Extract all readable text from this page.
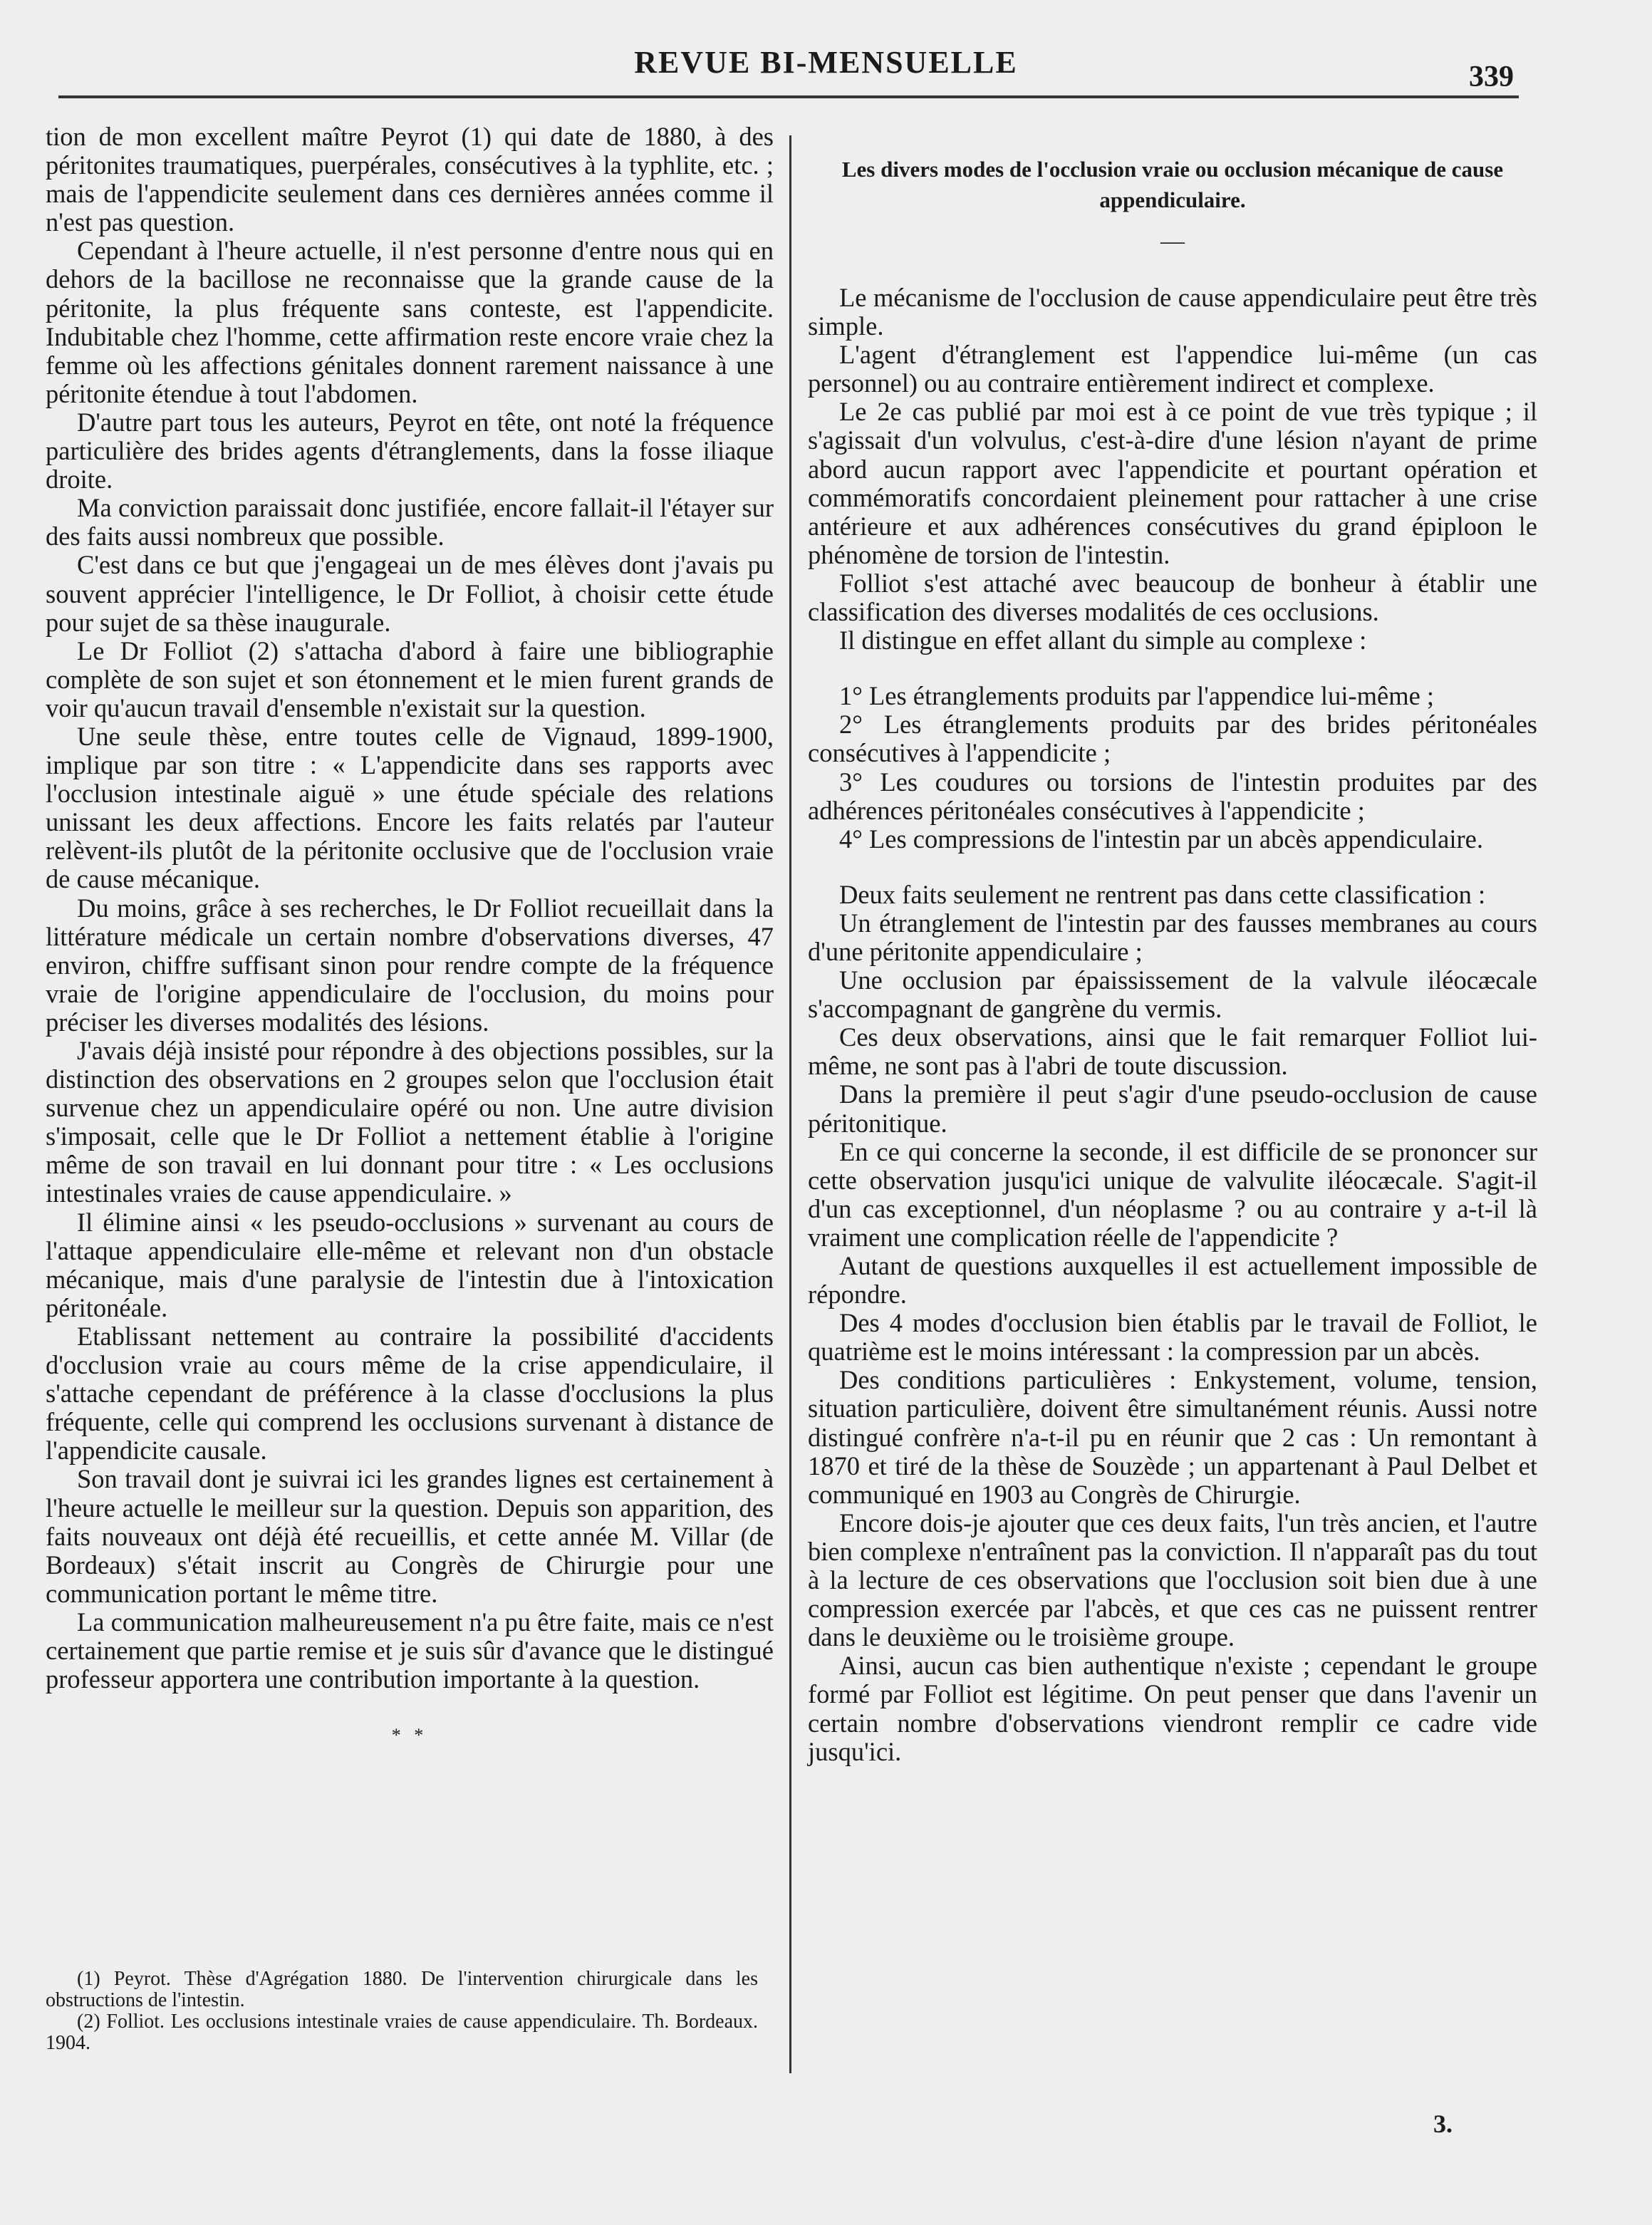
REVUE BI-MENSUELLE	339

tion de mon excellent maître Peyrot (1) qui date de 1880, à des péritonites traumatiques, puerpérales, consécutives à la typhlite, etc. ; mais de l'appendicite seulement dans ces dernières années comme il n'est pas question.

Cependant à l'heure actuelle, il n'est personne d'entre nous qui en dehors de la bacillose ne reconnaisse que la grande cause de la péritonite, la plus fréquente sans conteste, est l'appendicite. Indubitable chez l'homme, cette affirmation reste encore vraie chez la femme où les affections génitales donnent rarement naissance à une péritonite étendue à tout l'abdomen.

D'autre part tous les auteurs, Peyrot en tête, ont noté la fréquence particulière des brides agents d'étranglements, dans la fosse iliaque droite.

Ma conviction paraissait donc justifiée, encore fallait-il l'étayer sur des faits aussi nombreux que possible.

C'est dans ce but que j'engageai un de mes élèves dont j'avais pu souvent apprécier l'intelligence, le Dr Folliot, à choisir cette étude pour sujet de sa thèse inaugurale.

Le Dr Folliot (2) s'attacha d'abord à faire une bibliographie complète de son sujet et son étonnement et le mien furent grands de voir qu'aucun travail d'ensemble n'existait sur la question.

Une seule thèse, entre toutes celle de Vignaud, 1899-1900, implique par son titre : « L'appendicite dans ses rapports avec l'occlusion intestinale aiguë » une étude spéciale des relations unissant les deux affections. Encore les faits relatés par l'auteur relèvent-ils plutôt de la péritonite occlusive que de l'occlusion vraie de cause mécanique.

Du moins, grâce à ses recherches, le Dr Folliot recueillait dans la littérature médicale un certain nombre d'observations diverses, 47 environ, chiffre suffisant sinon pour rendre compte de la fréquence vraie de l'origine appendiculaire de l'occlusion, du moins pour préciser les diverses modalités des lésions.

J'avais déjà insisté pour répondre à des objections possibles, sur la distinction des observations en 2 groupes selon que l'occlusion était survenue chez un appendiculaire opéré ou non. Une autre division s'imposait, celle que le Dr Folliot a nettement établie à l'origine même de son travail en lui donnant pour titre : « Les occlusions intestinales vraies de cause appendiculaire. »

Il élimine ainsi « les pseudo-occlusions » survenant au cours de l'attaque appendiculaire elle-même et relevant non d'un obstacle mécanique, mais d'une paralysie de l'intestin due à l'intoxication péritonéale.

Etablissant nettement au contraire la possibilité d'accidents d'occlusion vraie au cours même de la crise appendiculaire, il s'attache cependant de préférence à la classe d'occlusions la plus fréquente, celle qui comprend les occlusions survenant à distance de l'appendicite causale.

Son travail dont je suivrai ici les grandes lignes est certainement à l'heure actuelle le meilleur sur la question. Depuis son apparition, des faits nouveaux ont déjà été recueillis, et cette année M. Villar (de Bordeaux) s'était inscrit au Congrès de Chirurgie pour une communication portant le même titre.

La communication malheureusement n'a pu être faite, mais ce n'est certainement que partie remise et je suis sûr d'avance que le distingué professeur apportera une contribution importante à la question.

* *

(1) Peyrot. Thèse d'Agrégation 1880. De l'intervention chirurgicale dans les obstructions de l'intestin.

(2) Folliot. Les occlusions intestinale vraies de cause appendiculaire. Th. Bordeaux. 1904.

Les divers modes de l'occlusion vraie ou occlusion mécanique de cause appendiculaire.
—

Le mécanisme de l'occlusion de cause appendiculaire peut être très simple.

L'agent d'étranglement est l'appendice lui-même (un cas personnel) ou au contraire entièrement indirect et complexe.

Le 2e cas publié par moi est à ce point de vue très typique ; il s'agissait d'un volvulus, c'est-à-dire d'une lésion n'ayant de prime abord aucun rapport avec l'appendicite et pourtant opération et commémoratifs concordaient pleinement pour rattacher à une crise antérieure et aux adhérences consécutives du grand épiploon le phénomène de torsion de l'intestin.

Folliot s'est attaché avec beaucoup de bonheur à établir une classification des diverses modalités de ces occlusions.

Il distingue en effet allant du simple au complexe :

1° Les étranglements produits par l'appendice lui-même ;

2° Les étranglements produits par des brides péritonéales consécutives à l'appendicite ;

3° Les coudures ou torsions de l'intestin produites par des adhérences péritonéales consécutives à l'appendicite ;

4° Les compressions de l'intestin par un abcès appendiculaire.

Deux faits seulement ne rentrent pas dans cette classification :

Un étranglement de l'intestin par des fausses membranes au cours d'une péritonite appendiculaire ;

Une occlusion par épaississement de la valvule iléocæcale s'accompagnant de gangrène du vermis.

Ces deux observations, ainsi que le fait remarquer Folliot lui-même, ne sont pas à l'abri de toute discussion.

Dans la première il peut s'agir d'une pseudo-occlusion de cause péritonitique.

En ce qui concerne la seconde, il est difficile de se prononcer sur cette observation jusqu'ici unique de valvulite iléocæcale. S'agit-il d'un cas exceptionnel, d'un néoplasme ? ou au contraire y a-t-il là vraiment une complication réelle de l'appendicite ?

Autant de questions auxquelles il est actuellement impossible de répondre.

Des 4 modes d'occlusion bien établis par le travail de Folliot, le quatrième est le moins intéressant : la compression par un abcès.

Des conditions particulières : Enkystement, volume, tension, situation particulière, doivent être simultanément réunis. Aussi notre distingué confrère n'a-t-il pu en réunir que 2 cas : Un remontant à 1870 et tiré de la thèse de Souzède ; un appartenant à Paul Delbet et communiqué en 1903 au Congrès de Chirurgie.

Encore dois-je ajouter que ces deux faits, l'un très ancien, et l'autre bien complexe n'entraînent pas la conviction. Il n'apparaît pas du tout à la lecture de ces observations que l'occlusion soit bien due à une compression exercée par l'abcès, et que ces cas ne puissent rentrer dans le deuxième ou le troisième groupe.

Ainsi, aucun cas bien authentique n'existe ; cependant le groupe formé par Folliot est légitime. On peut penser que dans l'avenir un certain nombre d'observations viendront remplir ce cadre vide jusqu'ici.

3.
